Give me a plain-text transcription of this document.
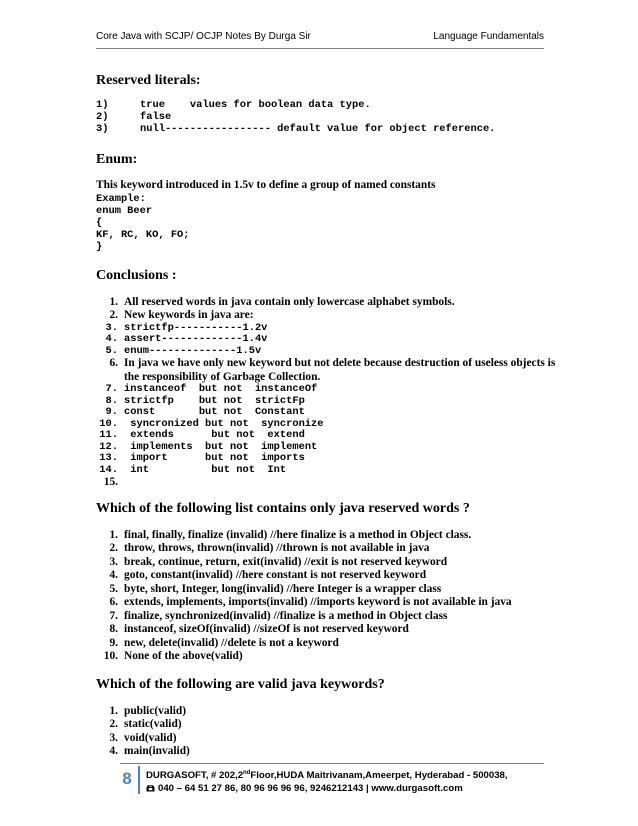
Core Java with SCJP/ OCJP Notes By Durga Sir	Language Fundamentals
Reserved literals:
1)	true    values for boolean data type.
2)	false
3)	null----------------- default value for object reference.
Enum:
This keyword introduced in 1.5v to define a group of named constants
Example:
enum Beer
{
KF, RC, KO, FO;
}
Conclusions :
1. All reserved words in java contain only lowercase alphabet symbols.
2. New keywords in java are:
3. strictfp-----------1.2v
4. assert-------------1.4v
5. enum--------------1.5v
6. In java we have only new keyword but not delete because destruction of useless objects is the responsibility of Garbage Collection.
7. instanceof  but not  instanceOf
8. strictfp    but not  strictFp
9. const       but not  Constant
10. syncronized but not  syncronize
11. extends      but not  extend
12. implements  but not  implement
13. import      but not  imports
14. int          but not  Int
15.
Which of the following list contains only java reserved words ?
1. final, finally, finalize (invalid) //here finalize is a method in Object class.
2. throw, throws, thrown(invalid) //thrown is not available in java
3. break, continue, return, exit(invalid) //exit is not reserved keyword
4. goto, constant(invalid) //here constant is not reserved keyword
5. byte, short, Integer, long(invalid) //here Integer is a wrapper class
6. extends, implements, imports(invalid) //imports keyword is not available in java
7. finalize, synchronized(invalid) //finalize is a method in Object class
8. instanceof, sizeOf(invalid) //sizeOf is not reserved keyword
9. new, delete(invalid) //delete is not a keyword
10. None of the above(valid)
Which of the following are valid java keywords?
1. public(valid)
2. static(valid)
3. void(valid)
4. main(invalid)
8	DURGASOFT, # 202,2ndFloor,HUDA Maitrivanam,Ameerpet, Hyderabad - 500038,
040 – 64 51 27 86, 80 96 96 96 96, 9246212143 | www.durgasoft.com
